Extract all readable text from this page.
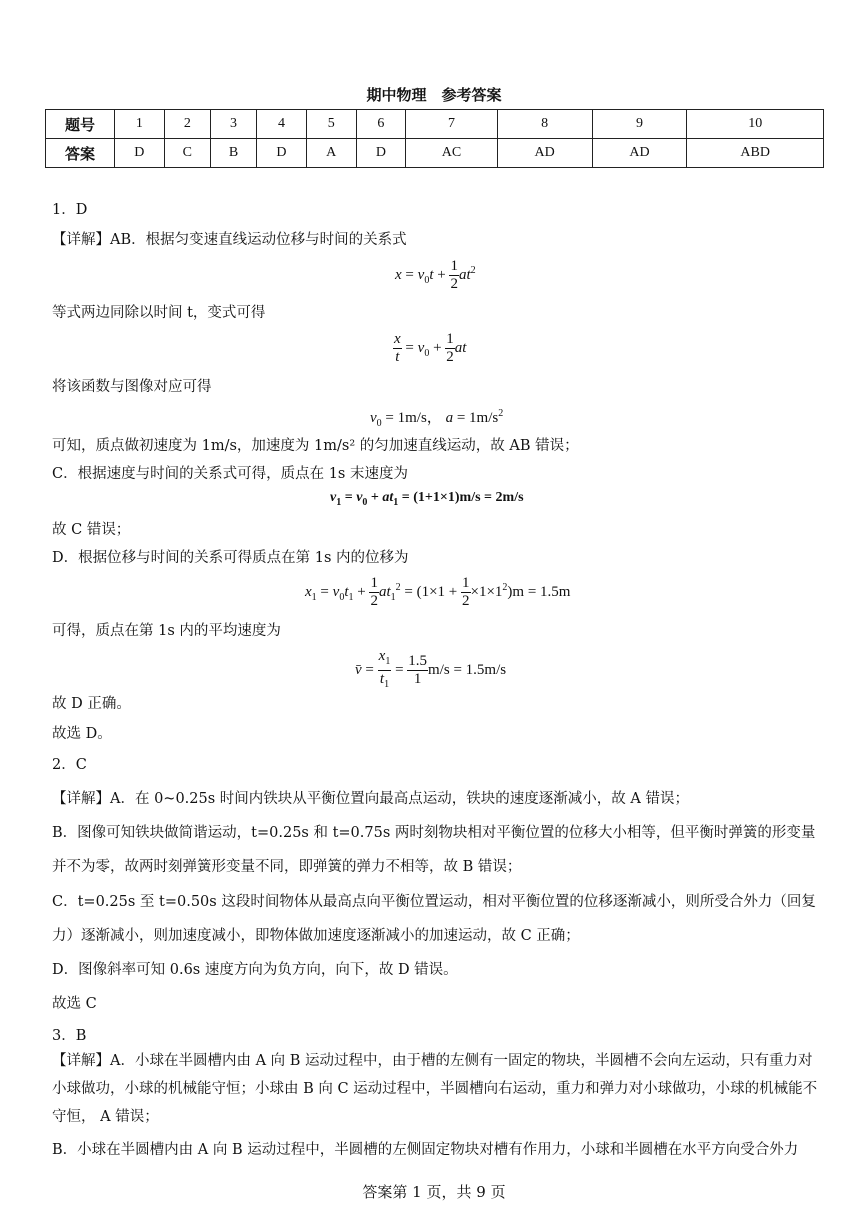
期中物理　参考答案
题号	1	2	3	4	5	6	7	8	9	10
答案	D	C	B	D	A	D	AC	AD	AD	ABD
1．D
【详解】AB．根据匀变速直线运动位移与时间的关系式
$x = v_0t + \frac{1}{2} at^2$
等式两边同除以时间 t，变式可得
$\frac{x}{t} = v_0 + \frac{1}{2}$ at
将该函数与图像对应可得
$v_0 = 1m/s$， $a = 1m/s^2$
可知，质点做初速度为 1m/s，加速度为 1m/s² 的匀加速直线运动，故 AB 错误；
C．根据速度与时间的关系式可得，质点在 1s 末速度为
$v_1 = v_0 + at_1 = (1+1\times 1)m/s = 2m/s$
故 C 错误；
D．根据位移与时间的关系可得质点在第 1s 内的位移为
$x_1 = v_0t_1 + \frac{1}{2} at_1^2 = (1\times 1 + \frac{1}{2} \times 1\times 1^2)m = 1.5m$
可得，质点在第 1s 内的平均速度为
v̄ = $\frac{x_1}{t_1} = \frac{1.5}{1} m/s = 1.5m/s$
故 D 正确。
故选 D。
2．C
【详解】A．在 0~0.25s 时间内铁块从平衡位置向最高点运动，铁块的速度逐渐减小，故 A 错误；
B．图像可知铁块做简谐运动，t=0.25s 和 t=0.75s 两时刻物块相对平衡位置的位移大小相等，但平衡时弹簧的形变量并不为零，故两时刻弹簧形变量不同，即弹簧的弹力不相等，故 B 错误；
C．t=0.25s 至 t=0.50s 这段时间物体从最高点向平衡位置运动，相对平衡位置的位移逐渐减小，则所受合外力（回复力）逐渐减小，则加速度减小，即物体做加速度逐渐减小的加速运动，故 C 正确；
D．图像斜率可知 0.6s 速度方向为负方向，向下，故 D 错误。
故选 C
3．B
【详解】A．小球在半圆槽内由 A 向 B 运动过程中，由于槽的左侧有一固定的物块，半圆槽不会向左运动，只有重力对小球做功，小球的机械能守恒；小球由 B 向 C 运动过程中，半圆槽向右运动，重力和弹力对小球做功，小球的机械能不守恒， A 错误；
B．小球在半圆槽内由 A 向 B 运动过程中，半圆槽的左侧固定物块对槽有作用力，小球和半圆槽在水平方向受合外力
答案第 1 页，共 9 页
